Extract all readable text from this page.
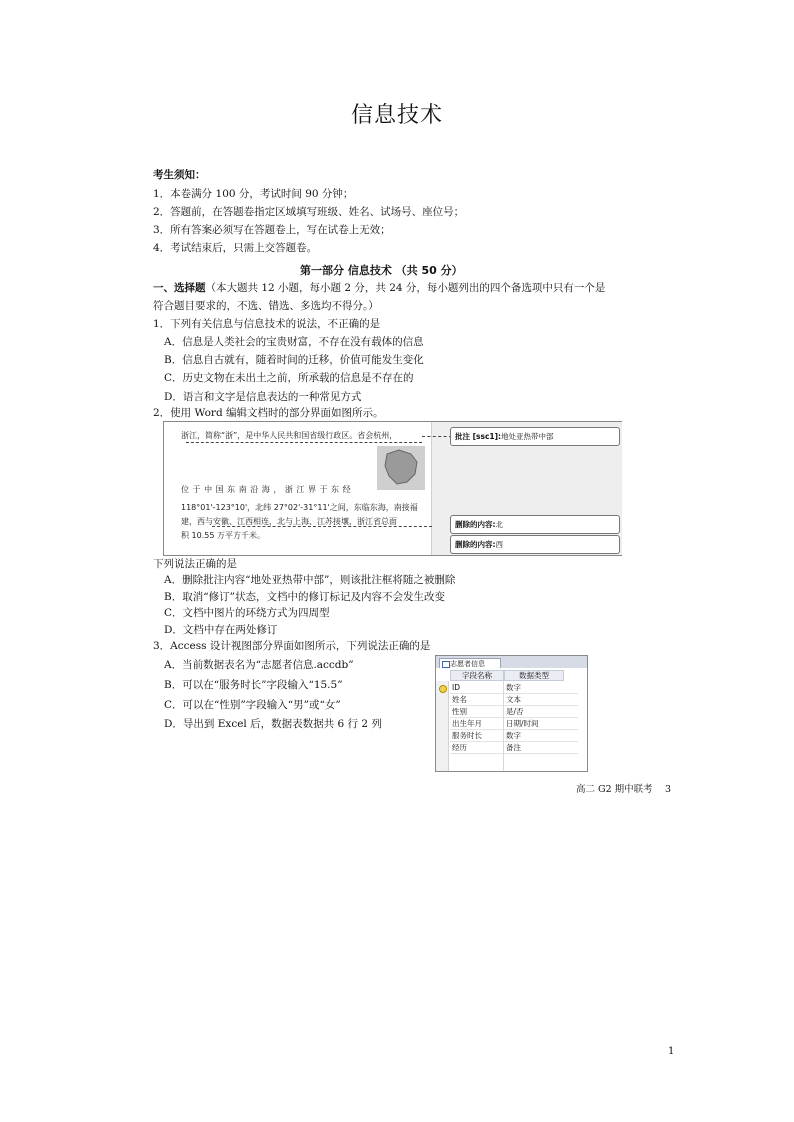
信息技术
考生须知：
1．本卷满分 100 分，考试时间 90 分钟；
2．答题前，在答题卷指定区域填写班级、姓名、试场号、座位号；
3．所有答案必须写在答题卷上，写在试卷上无效；
4．考试结束后，只需上交答题卷。
第一部分 信息技术 （共 50 分）
一、选择题（本大题共 12 小题，每小题 2 分，共 24 分，每小题列出的四个备选项中只有一个是
符合题目要求的，不选、错选、多选均不得分。）
1．下列有关信息与信息技术的说法，不正确的是
A．信息是人类社会的宝贵财富，不存在没有载体的信息
B．信息自古就有，随着时间的迁移，价值可能发生变化
C．历史文物在未出土之前，所承载的信息是不存在的
D．语言和文字是信息表达的一种常见方式
2．使用 Word 编辑文档时的部分界面如图所示。
浙江，简称“浙”，是中华人民共和国省级行政区。省会杭州，
位 于 中 国 东 南 沿 海 ， 浙 江 界 于 东 经
118°01'-123°10'，北纬 27°02'-31°11'之间，东临东海，南接福
建，西与安徽、江西相连，北与上海、江苏接壤，浙江省总面
积 10.55 万平方千米。
批注 [ssc1]:地处亚热带中部
删除的内容:北
删除的内容:西
下列说法正确的是
A．删除批注内容“地处亚热带中部”，则该批注框将随之被删除
B．取消“修订”状态，文档中的修订标记及内容不会发生改变
C．文档中图片的环绕方式为四周型
D．文档中存在两处修订
3．Access 设计视图部分界面如图所示，下列说法正确的是
A．当前数据表名为“志愿者信息.accdb”
B．可以在“服务时长”字段输入“15.5”
C．可以在“性别”字段输入“男”或“女”
D．导出到 Excel 后，数据表数据共 6 行 2 列
志愿者信息
字段名称	数据类型
ID	数字
姓名	文本
性别	是/否
出生年月	日期/时间
服务时长	数字
经历	备注
高二 G2 期中联考 3
1
